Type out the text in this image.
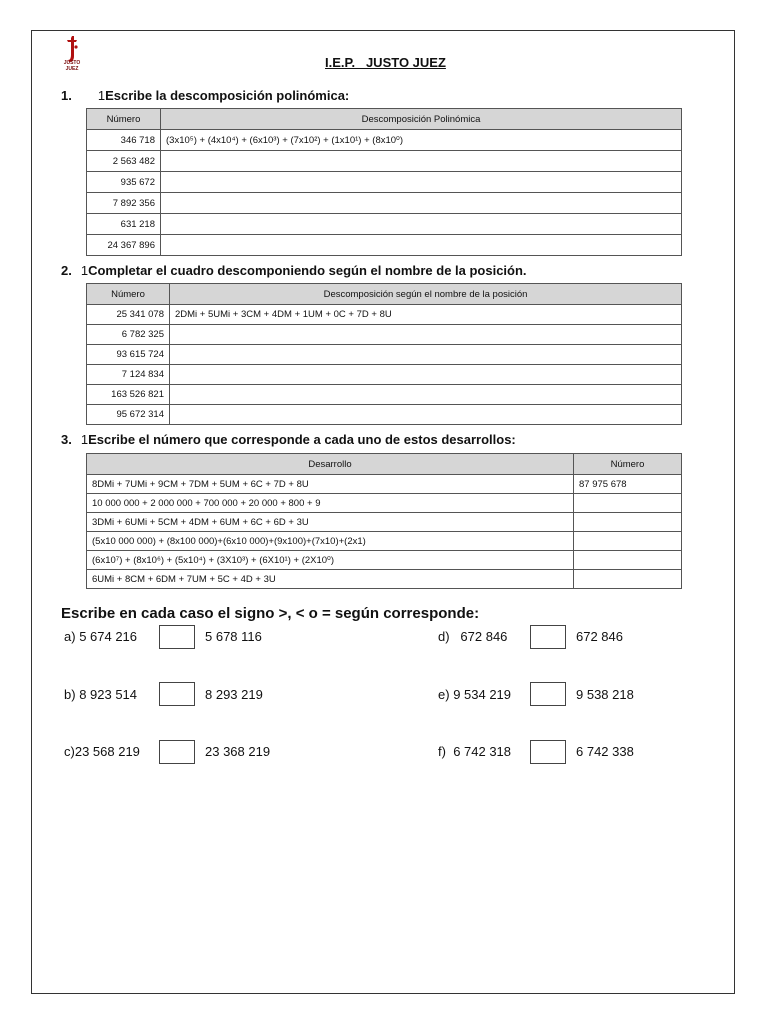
JUSTO JUEZ	I.E.P.   JUSTO JUEZ
1. 1Escribe la descomposición polinómica:
Número	Descomposición Polinómica
346 718	(3x10⁵) + (4x10⁴) + (6x10³) + (7x10²) + (1x10¹) + (8x10⁰)
2 563 482	
935 672	
7 892 356	
631 218	
24 367 896	
2. 1Completar el cuadro descomponiendo según el nombre de la posición.
Número	Descomposición según el nombre de la posición
25 341 078	2DMi + 5UMi + 3CM + 4DM + 1UM + 0C + 7D + 8U
6 782 325	
93 615 724	
7 124 834	
163 526 821	
95 672 314	
3. 1Escribe el número que corresponde a cada uno de estos desarrollos:
Desarrollo	Número
8DMi + 7UMi + 9CM + 7DM + 5UM + 6C + 7D + 8U	87 975 678
10 000 000 + 2 000 000 + 700 000 + 20 000 + 800 + 9	
3DMi + 6UMi + 5CM + 4DM + 6UM + 6C + 6D + 3U	
(5x10 000 000) + (8x100 000)+(6x10 000)+(9x100)+(7x10)+(2x1)	
(6x10⁷) + (8x10⁶) + (5x10⁴) + (3X10³) + (6X10¹) + (2X10⁰)	
6UMi + 8CM + 6DM + 7UM + 5C + 4D + 3U	
Escribe en cada caso el signo >, < o = según corresponde:
a) 5 674 216	5 678 116
b) 8 923 514	8 293 219
c)23 568 219	23 368 219
d) 672 846	672 846
e) 9 534 219	9 538 218
f) 6 742 318	6 742 338
